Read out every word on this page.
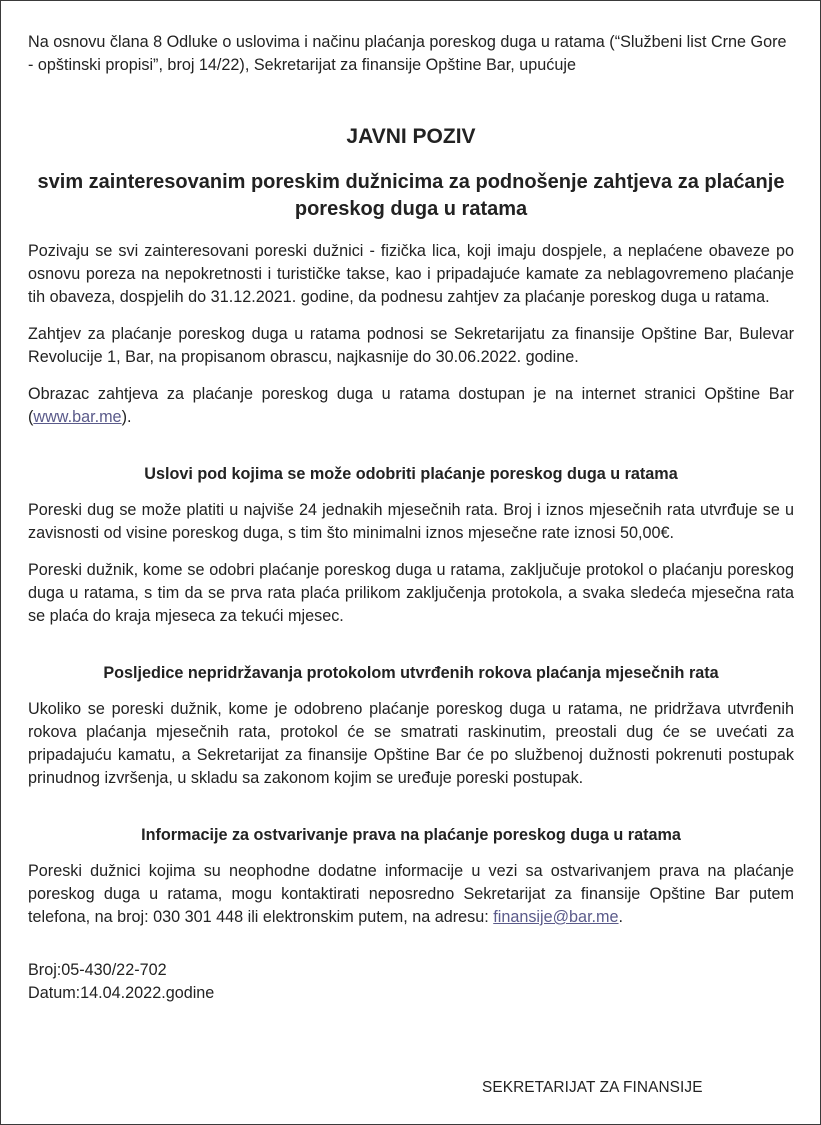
Na osnovu člana 8 Odluke o uslovima i načinu plaćanja poreskog duga u ratama (“Službeni list Crne Gore - opštinski propisi”, broj 14/22), Sekretarijat za finansije Opštine Bar, upućuje

JAVNI POZIV
svim zainteresovanim poreskim dužnicima za podnošenje zahtjeva za plaćanje poreskog duga u ratama

Pozivaju se svi zainteresovani poreski dužnici - fizička lica, koji imaju dospjele, a neplaćene obaveze po osnovu poreza na nepokretnosti i turističke takse, kao i pripadajuće kamate za neblagovremeno plaćanje tih obaveza, dospjelih do 31.12.2021. godine, da podnesu zahtjev za plaćanje poreskog duga u ratama.

Zahtjev za plaćanje poreskog duga u ratama podnosi se Sekretarijatu za finansije Opštine Bar, Bulevar Revolucije 1, Bar, na propisanom obrascu, najkasnije do 30.06.2022. godine.

Obrazac zahtjeva za plaćanje poreskog duga u ratama dostupan je na internet stranici Opštine Bar (www.bar.me).

Uslovi pod kojima se može odobriti plaćanje poreskog duga u ratama

Poreski dug se može platiti u najviše 24 jednakih mjesečnih rata. Broj i iznos mjesečnih rata utvrđuje se u zavisnosti od visine poreskog duga, s tim što minimalni iznos mjesečne rate iznosi 50,00€.

Poreski dužnik, kome se odobri plaćanje poreskog duga u ratama, zaključuje protokol o plaćanju poreskog duga u ratama, s tim da se prva rata plaća prilikom zaključenja protokola, a svaka sledeća mjesečna rata se plaća do kraja mjeseca za tekući mjesec.

Posljedice nepridržavanja protokolom utvrđenih rokova plaćanja mjesečnih rata

Ukoliko se poreski dužnik, kome je odobreno plaćanje poreskog duga u ratama, ne pridržava utvrđenih rokova plaćanja mjesečnih rata, protokol će se smatrati raskinutim, preostali dug će se uvećati za pripadajuću kamatu, a Sekretarijat za finansije Opštine Bar će po službenoj dužnosti pokrenuti postupak prinudnog izvršenja, u skladu sa zakonom kojim se uređuje poreski postupak.

Informacije za ostvarivanje prava na plaćanje poreskog duga u ratama

Poreski dužnici kojima su neophodne dodatne informacije u vezi sa ostvarivanjem prava na plaćanje poreskog duga u ratama, mogu kontaktirati neposredno Sekretarijat za finansije Opštine Bar putem telefona, na broj: 030 301 448 ili elektronskim putem, na adresu: finansije@bar.me.

Broj:05-430/22-702
Datum:14.04.2022.godine
SEKRETARIJAT ZA FINANSIJE
